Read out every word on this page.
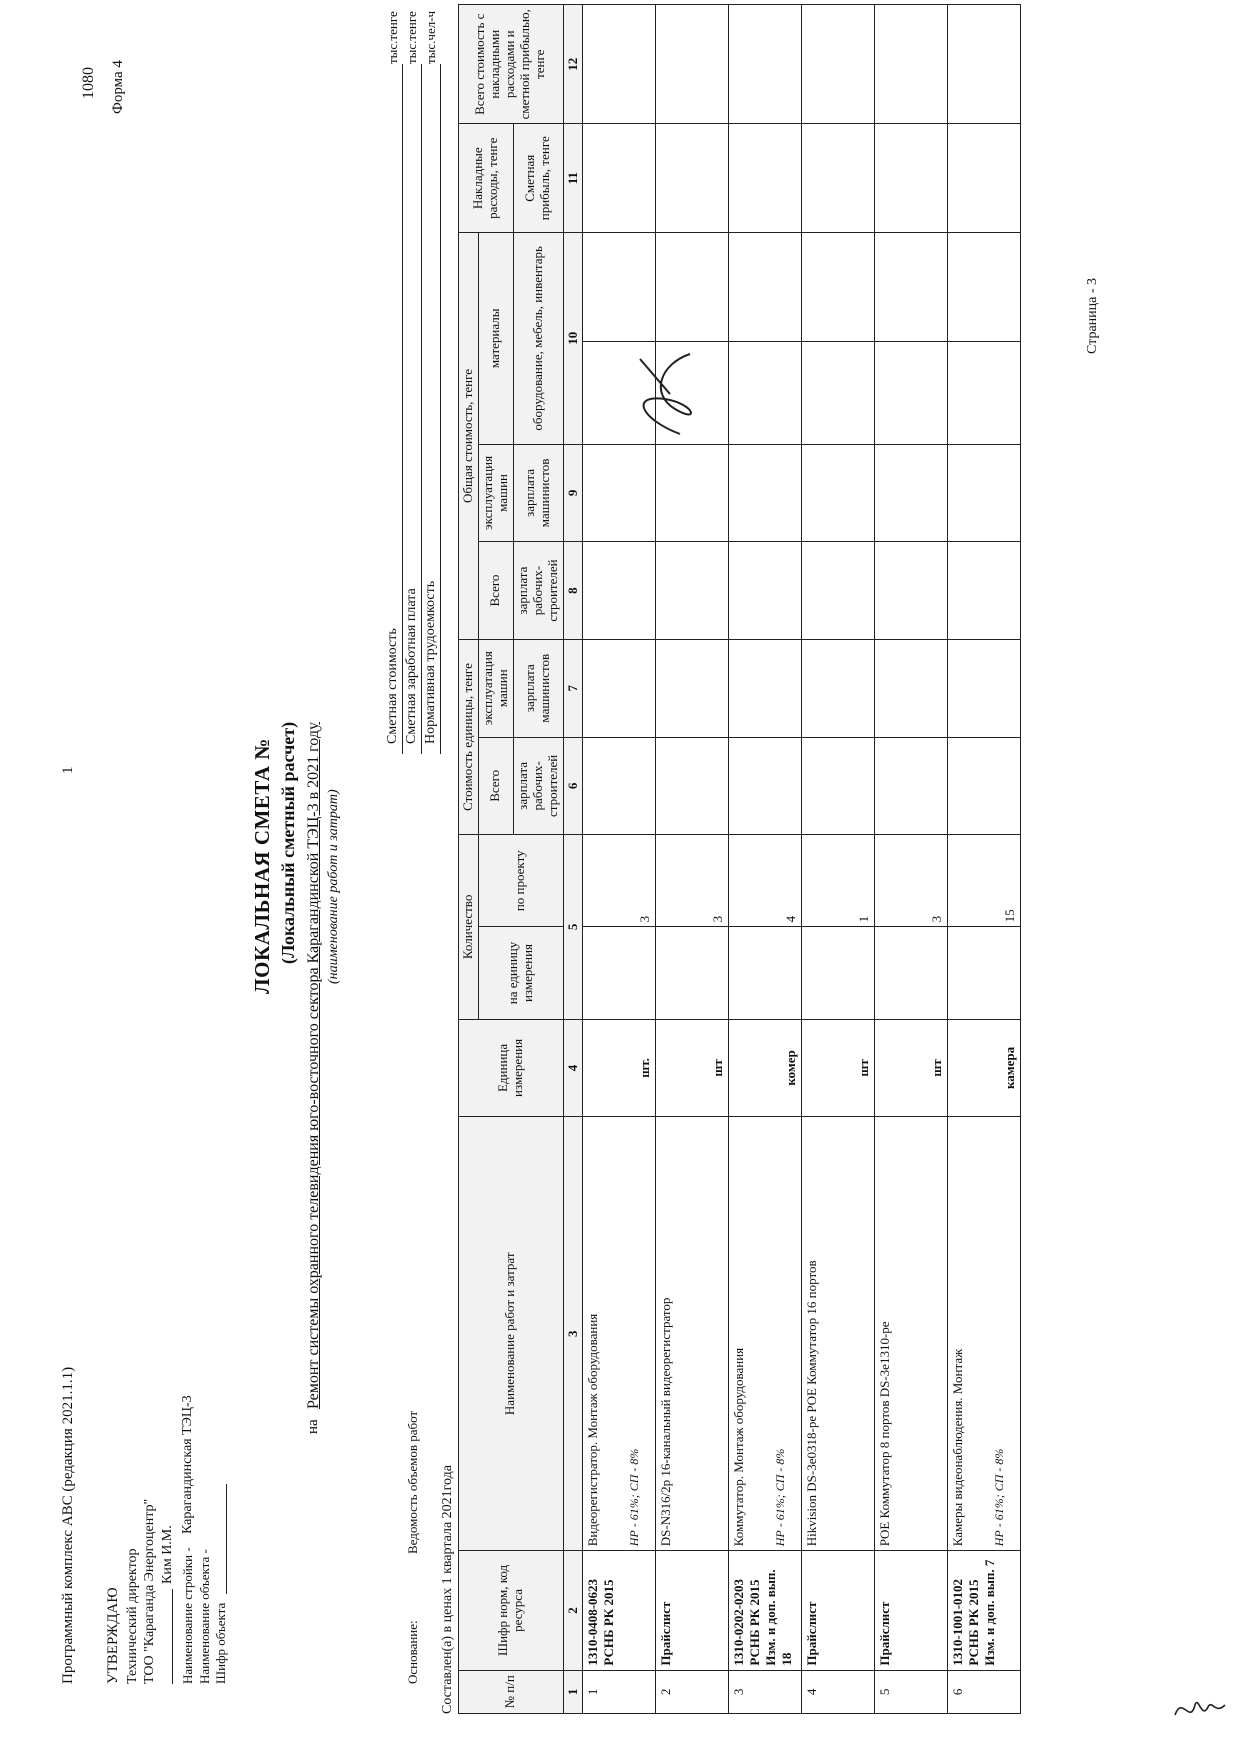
Программный комплекс АВС (редакция 2021.1.1)
1
1080 Форма 4
УТВЕРЖДАЮ Технический директор ТОО "Караганда Энергоцентр" Ким И.М. Наименование стройки -
Карагандинская ТЭЦ-3
Наименование объекта - Шифр объекта
ЛОКАЛЬНАЯ СМЕТА № (Локальный сметный расчет)
на
Ремонт системы охранного телевидения юго-восточного сектора Карагандинской ТЭЦ-3 в 2021 году (наименование работ и затрат)
Основание:
Ведомость объемов работ
Сметная стоимость Сметная заработная плата Нормативная трудоемкость
тыс.тенге тыс.тенге тыс.чел-ч
Составлен(а) в ценах 1 квартала 2021года	№ п/п	Шифр норм, код ресурса	Наименование работ и затрат	Единица измерения	Количество		Стоимость единицы, тенге		Общая стоимость, тенге				Накладные расходы, тенге	Всего стоимость с накладными расходами и сметной прибылью, тенге
				на единицу измерения	по проекту	Всего	эксплуатация машин	Всего	эксплуатация машин	материалы			
						зарплата рабочих-строителей	зарплата машинистов	зарплата рабочих-строителей	зарплата машинистов	оборудование, мебель, инвентарь		Сметная прибыль, тенге	
1	2	3	4	5		6	7	8	9	10		11	12
1	1310-0408-0623 РСНБ РК 2015	Видеорегистратор. Монтаж оборудования НР - 61%; СП - 8%	шт.		3								
2	Прайслист	DS-N316/2p 16-канальный видеорегистратор	шт		3								
3	1310-0202-0203 РСНБ РК 2015 Изм. и доп. вып. 18	Коммутатор. Монтаж оборудования НР - 61%; СП - 8%	комер		4								
4	Прайслист	Hikvision DS-3e0318-pe POE Коммутатор 16 портов	шт		1								
5	Прайслист	POE Коммутатор 8 портов DS-3e1310-pe	шт		3								
6	1310-1001-0102 РСНБ РК 2015 Изм. и доп. вып. 7	Камеры видеонаблюдения. Монтаж НР - 61%; СП - 8%	камера		15								
Страница - 3
